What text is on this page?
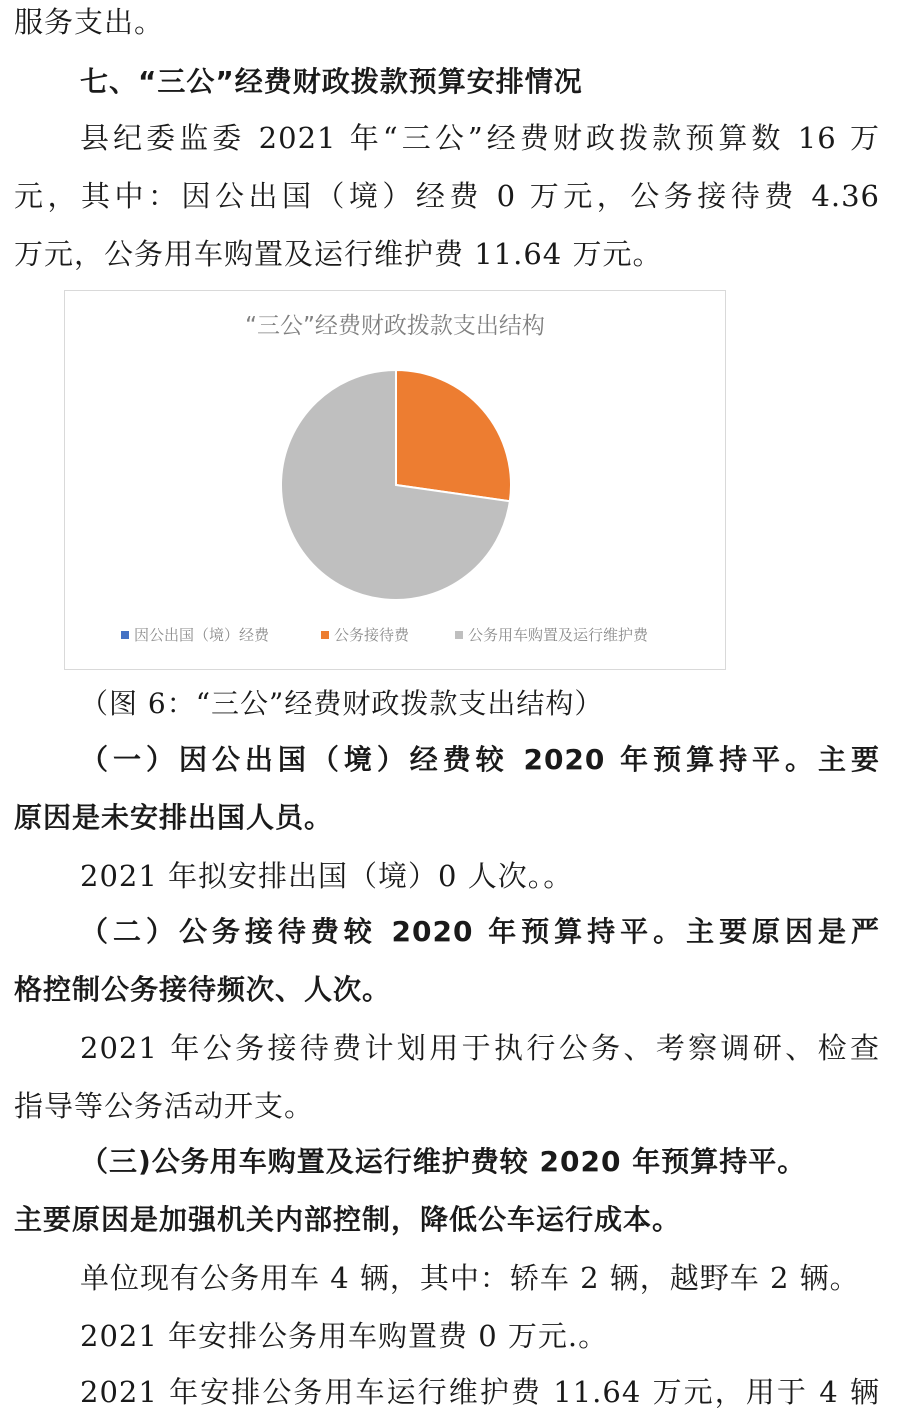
服务支出。
七、“三公”经费财政拨款预算安排情况
县纪委监委 2021 年“三公”经费财政拨款预算数 16 万
元，其中：因公出国（境）经费 0 万元，公务接待费 4.36
万元，公务用车购置及运行维护费 11.64 万元。
“三公”经费财政拨款支出结构
因公出国（境）经费	公务接待费	公务用车购置及运行维护费
（图 6：“三公”经费财政拨款支出结构）
（一）因公出国（境）经费较 2020 年预算持平。主要
原因是未安排出国人员。
2021 年拟安排出国（境）0 人次。。
（二）公务接待费较 2020 年预算持平。主要原因是严
格控制公务接待频次、人次。
2021 年公务接待费计划用于执行公务、考察调研、检查
指导等公务活动开支。
（三)公务用车购置及运行维护费较 2020 年预算持平。
主要原因是加强机关内部控制，降低公车运行成本。
单位现有公务用车 4 辆，其中：轿车 2 辆，越野车 2 辆。
2021 年安排公务用车购置费 0 万元.。
2021 年安排公务用车运行维护费 11.64 万元，用于 4 辆
